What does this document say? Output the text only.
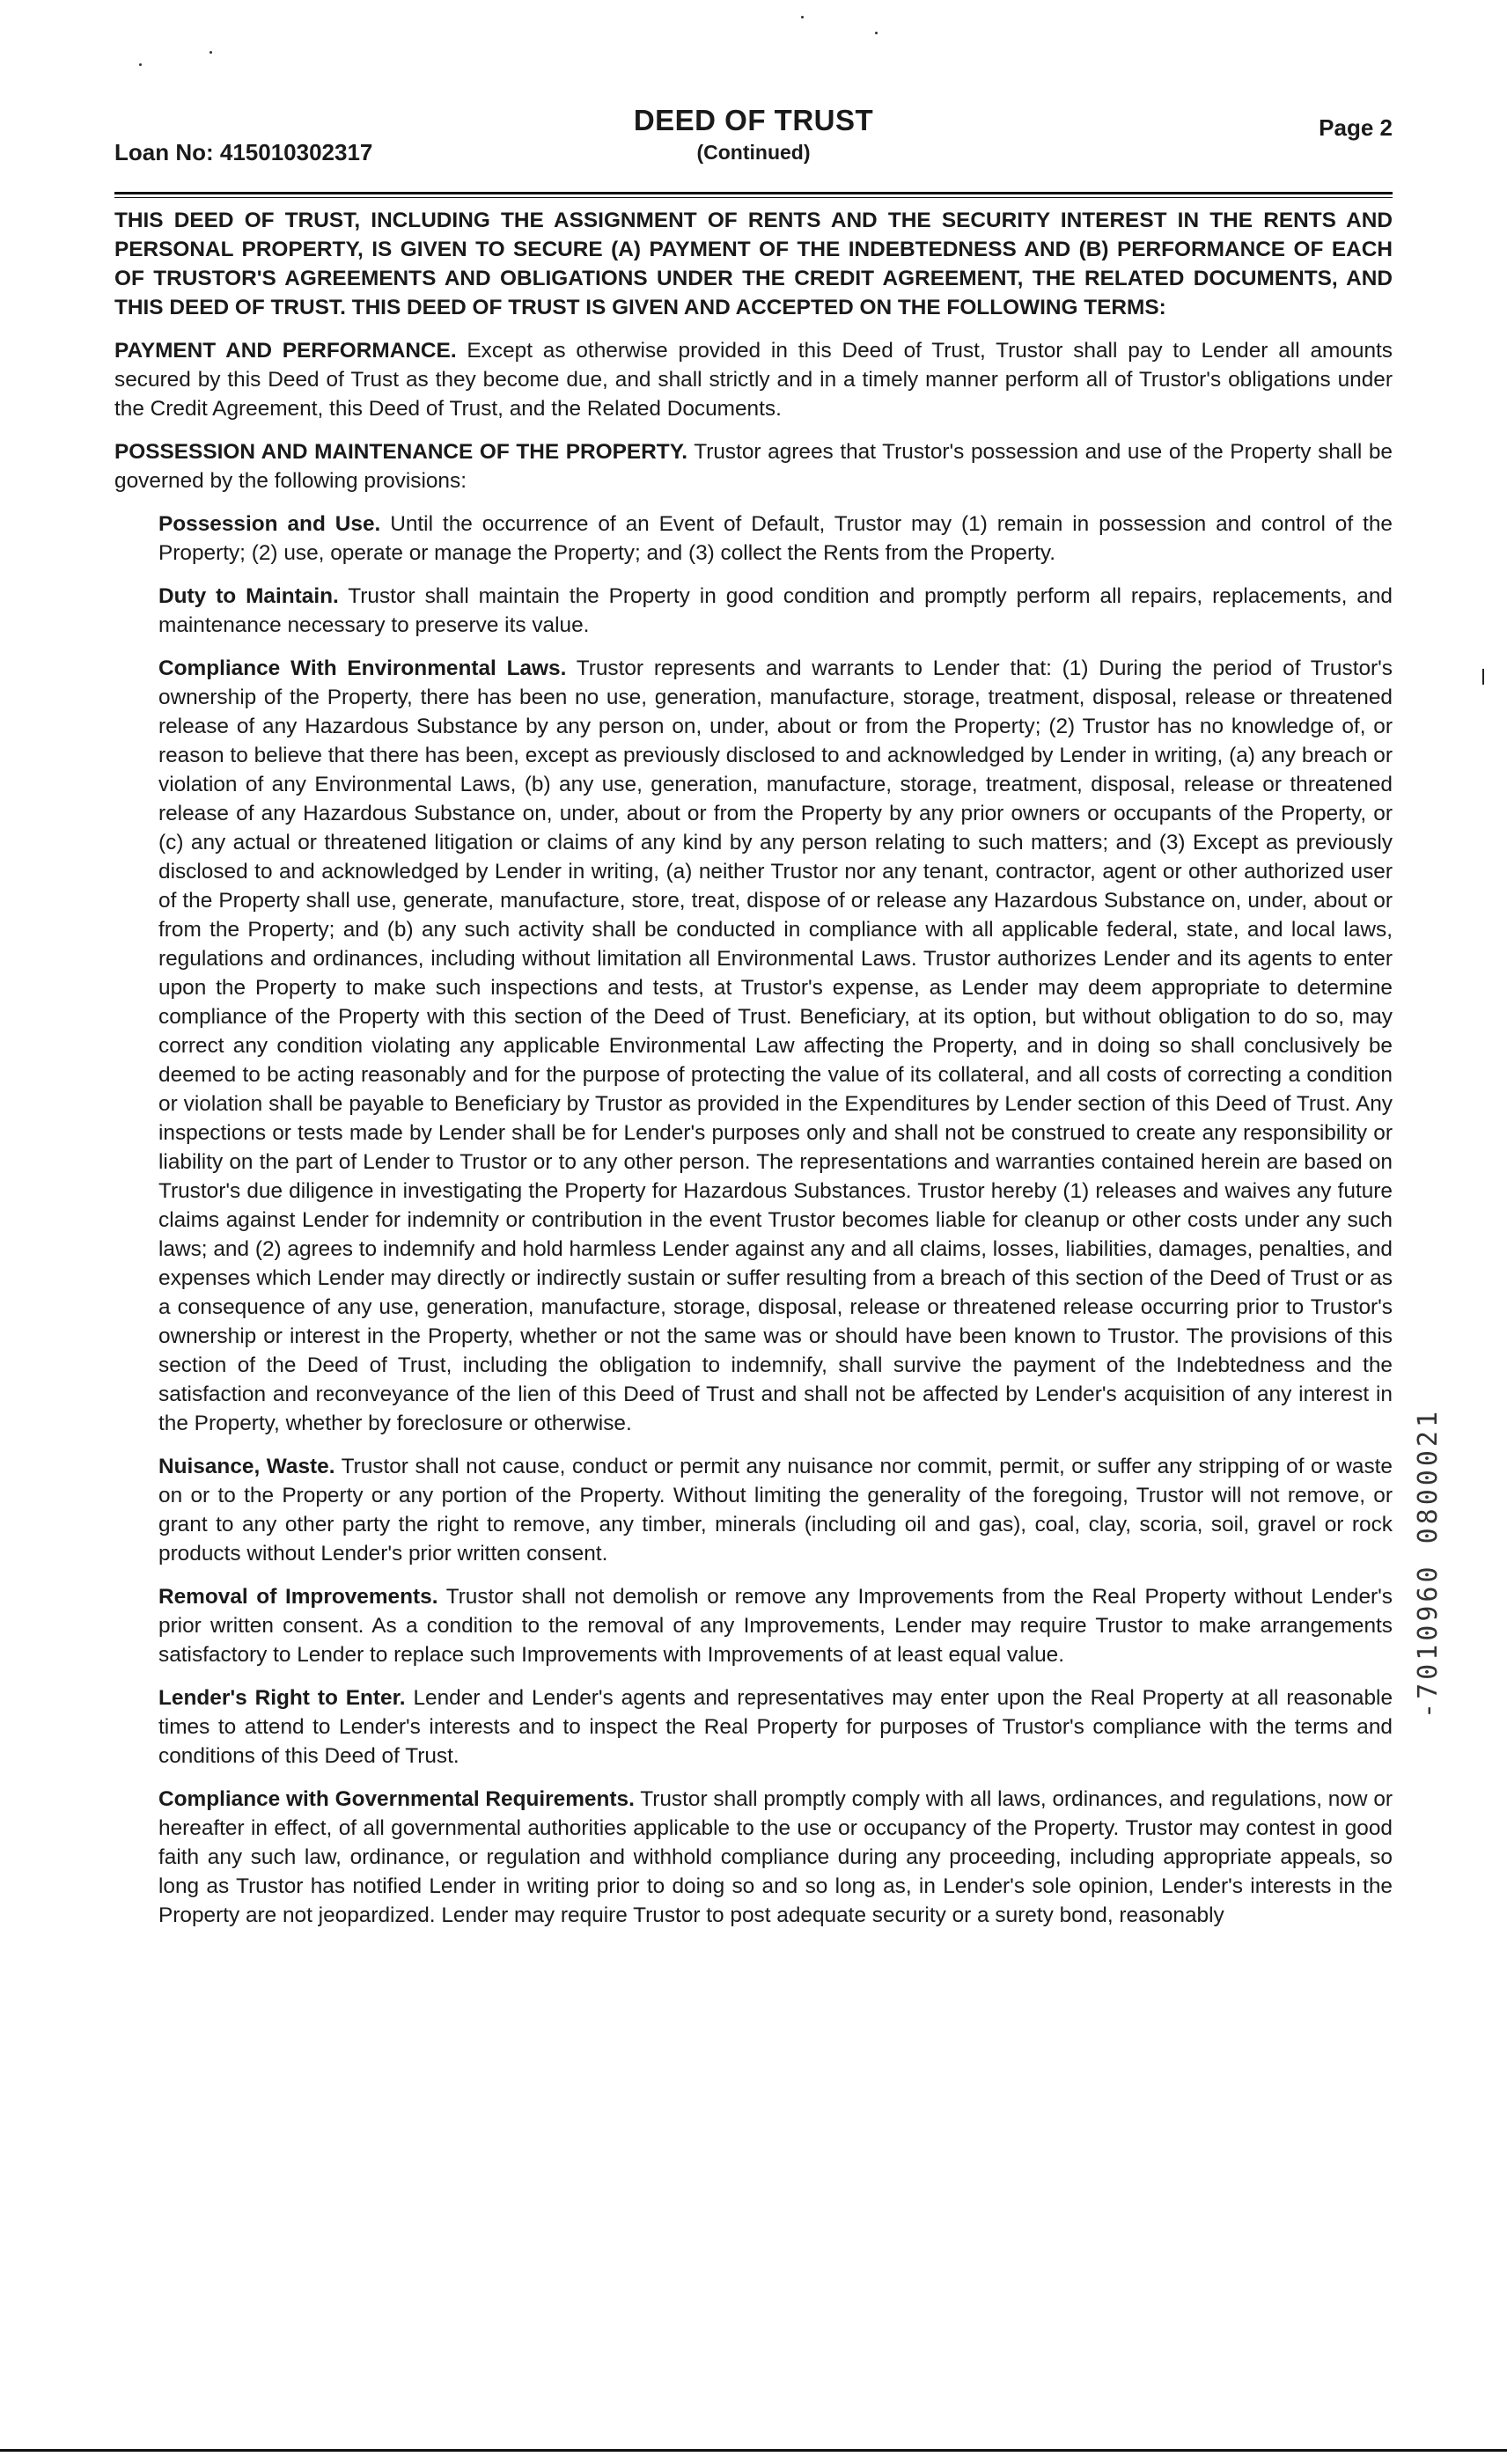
Loan No: 415010302317
DEED OF TRUST
(Continued)
Page 2

THIS DEED OF TRUST, INCLUDING THE ASSIGNMENT OF RENTS AND THE SECURITY INTEREST IN THE RENTS AND PERSONAL PROPERTY, IS GIVEN TO SECURE (A) PAYMENT OF THE INDEBTEDNESS AND (B) PERFORMANCE OF EACH OF TRUSTOR'S AGREEMENTS AND OBLIGATIONS UNDER THE CREDIT AGREEMENT, THE RELATED DOCUMENTS, AND THIS DEED OF TRUST. THIS DEED OF TRUST IS GIVEN AND ACCEPTED ON THE FOLLOWING TERMS:

PAYMENT AND PERFORMANCE. Except as otherwise provided in this Deed of Trust, Trustor shall pay to Lender all amounts secured by this Deed of Trust as they become due, and shall strictly and in a timely manner perform all of Trustor's obligations under the Credit Agreement, this Deed of Trust, and the Related Documents.

POSSESSION AND MAINTENANCE OF THE PROPERTY. Trustor agrees that Trustor's possession and use of the Property shall be governed by the following provisions:

Possession and Use. Until the occurrence of an Event of Default, Trustor may (1) remain in possession and control of the Property; (2) use, operate or manage the Property; and (3) collect the Rents from the Property.

Duty to Maintain. Trustor shall maintain the Property in good condition and promptly perform all repairs, replacements, and maintenance necessary to preserve its value.

Compliance With Environmental Laws. Trustor represents and warrants to Lender that: (1) During the period of Trustor's ownership of the Property, there has been no use, generation, manufacture, storage, treatment, disposal, release or threatened release of any Hazardous Substance by any person on, under, about or from the Property; (2) Trustor has no knowledge of, or reason to believe that there has been, except as previously disclosed to and acknowledged by Lender in writing, (a) any breach or violation of any Environmental Laws, (b) any use, generation, manufacture, storage, treatment, disposal, release or threatened release of any Hazardous Substance on, under, about or from the Property by any prior owners or occupants of the Property, or (c) any actual or threatened litigation or claims of any kind by any person relating to such matters; and (3) Except as previously disclosed to and acknowledged by Lender in writing, (a) neither Trustor nor any tenant, contractor, agent or other authorized user of the Property shall use, generate, manufacture, store, treat, dispose of or release any Hazardous Substance on, under, about or from the Property; and (b) any such activity shall be conducted in compliance with all applicable federal, state, and local laws, regulations and ordinances, including without limitation all Environmental Laws. Trustor authorizes Lender and its agents to enter upon the Property to make such inspections and tests, at Trustor's expense, as Lender may deem appropriate to determine compliance of the Property with this section of the Deed of Trust. Beneficiary, at its option, but without obligation to do so, may correct any condition violating any applicable Environmental Law affecting the Property, and in doing so shall conclusively be deemed to be acting reasonably and for the purpose of protecting the value of its collateral, and all costs of correcting a condition or violation shall be payable to Beneficiary by Trustor as provided in the Expenditures by Lender section of this Deed of Trust. Any inspections or tests made by Lender shall be for Lender's purposes only and shall not be construed to create any responsibility or liability on the part of Lender to Trustor or to any other person. The representations and warranties contained herein are based on Trustor's due diligence in investigating the Property for Hazardous Substances. Trustor hereby (1) releases and waives any future claims against Lender for indemnity or contribution in the event Trustor becomes liable for cleanup or other costs under any such laws; and (2) agrees to indemnify and hold harmless Lender against any and all claims, losses, liabilities, damages, penalties, and expenses which Lender may directly or indirectly sustain or suffer resulting from a breach of this section of the Deed of Trust or as a consequence of any use, generation, manufacture, storage, disposal, release or threatened release occurring prior to Trustor's ownership or interest in the Property, whether or not the same was or should have been known to Trustor. The provisions of this section of the Deed of Trust, including the obligation to indemnify, shall survive the payment of the Indebtedness and the satisfaction and reconveyance of the lien of this Deed of Trust and shall not be affected by Lender's acquisition of any interest in the Property, whether by foreclosure or otherwise.

Nuisance, Waste. Trustor shall not cause, conduct or permit any nuisance nor commit, permit, or suffer any stripping of or waste on or to the Property or any portion of the Property. Without limiting the generality of the foregoing, Trustor will not remove, or grant to any other party the right to remove, any timber, minerals (including oil and gas), coal, clay, scoria, soil, gravel or rock products without Lender's prior written consent.

Removal of Improvements. Trustor shall not demolish or remove any Improvements from the Real Property without Lender's prior written consent. As a condition to the removal of any Improvements, Lender may require Trustor to make arrangements satisfactory to Lender to replace such Improvements with Improvements of at least equal value.

Lender's Right to Enter. Lender and Lender's agents and representatives may enter upon the Real Property at all reasonable times to attend to Lender's interests and to inspect the Real Property for purposes of Trustor's compliance with the terms and conditions of this Deed of Trust.

Compliance with Governmental Requirements. Trustor shall promptly comply with all laws, ordinances, and regulations, now or hereafter in effect, of all governmental authorities applicable to the use or occupancy of the Property. Trustor may contest in good faith any such law, ordinance, or regulation and withhold compliance during any proceeding, including appropriate appeals, so long as Trustor has notified Lender in writing prior to doing so and so long as, in Lender's sole opinion, Lender's interests in the Property are not jeopardized. Lender may require Trustor to post adequate security or a surety bond, reasonably

-7010960 0800021
